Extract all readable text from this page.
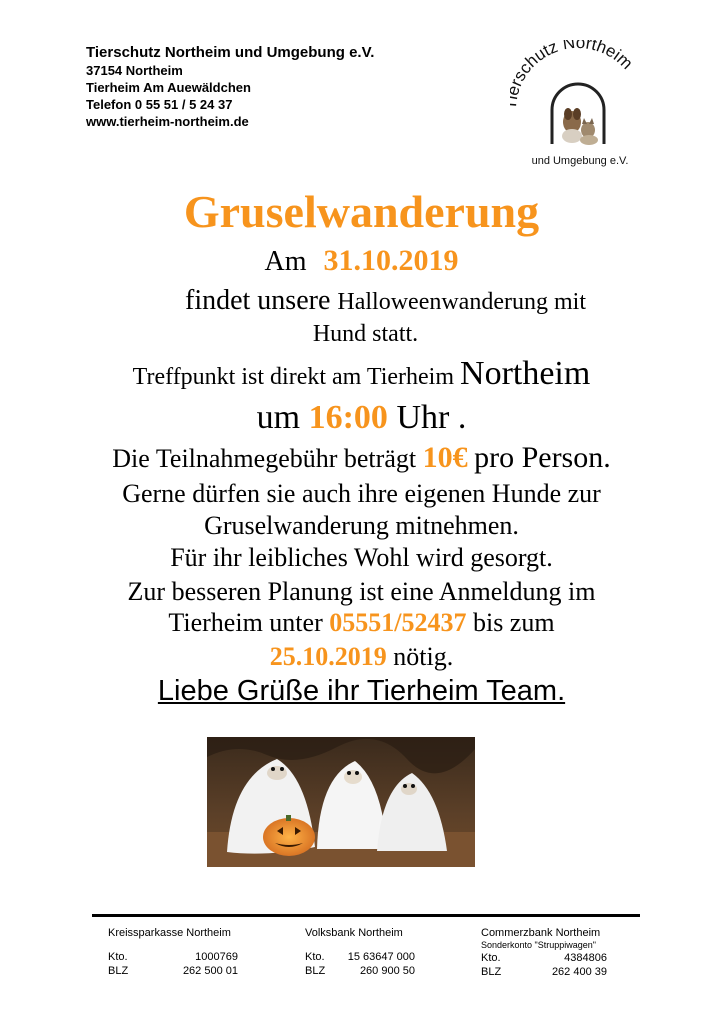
Tierschutz Northeim und Umgebung e.V.
37154 Northeim
Tierheim Am Auewäldchen
Telefon 0 55 51 / 5 24 37
www.tierheim-northeim.de
schutz Northeim
und Umgebung e.V.
Gruselwanderung
Am 31.10.2019
findet unsere Halloweenwanderung mit
Hund statt.
Treffpunkt ist direkt am Tierheim Northeim
um 16:00 Uhr .
Die Teilnahmegebühr beträgt 10€ pro Person.
Gerne dürfen sie auch ihre eigenen Hunde zur
Gruselwanderung mitnehmen.
Für ihr leibliches Wohl wird gesorgt.
Zur besseren Planung ist eine Anmeldung im
Tierheim unter 05551/52437 bis zum
25.10.2019 nötig.
Liebe Grüße ihr Tierheim Team.
Kreissparkasse Northeim
Kto.	1000769
BLZ	262 500 01
Volksbank Northeim
Kto. 15 63647 000
BLZ	260 900 50
Commerzbank Northeim
Sonderkonto "Struppiwagen"
Kto.	4384806
BLZ	262 400 39
